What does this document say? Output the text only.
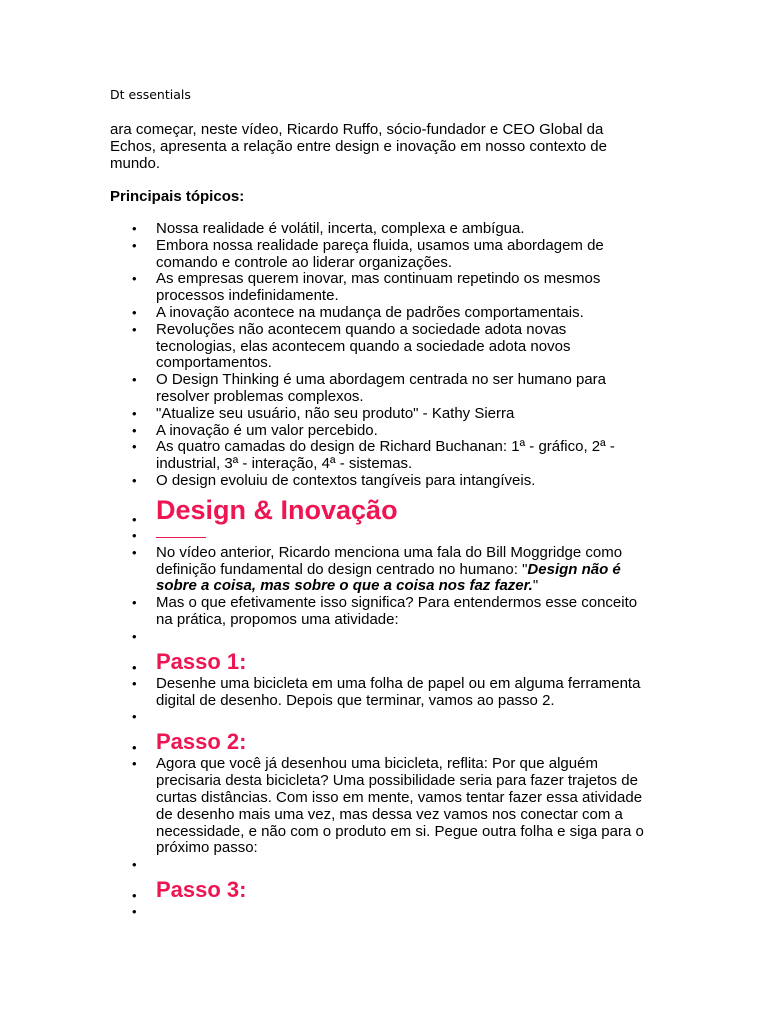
Dt essentials
ara começar, neste vídeo, Ricardo Ruffo, sócio-fundador e CEO Global da Echos, apresenta a relação entre design e inovação em nosso contexto de mundo.
Principais tópicos:
• Nossa realidade é volátil, incerta, complexa e ambígua.
• Embora nossa realidade pareça fluida, usamos uma abordagem de comando e controle ao liderar organizações.
• As empresas querem inovar, mas continuam repetindo os mesmos processos indefinidamente.
• A inovação acontece na mudança de padrões comportamentais.
• Revoluções não acontecem quando a sociedade adota novas tecnologias, elas acontecem quando a sociedade adota novos comportamentos.
• O Design Thinking é uma abordagem centrada no ser humano para resolver problemas complexos.
• "Atualize seu usuário, não seu produto" - Kathy Sierra
• A inovação é um valor percebido.
• As quatro camadas do design de Richard Buchanan: 1ª - gráfico, 2ª - industrial, 3ª - interação, 4ª - sistemas.
• O design evoluiu de contextos tangíveis para intangíveis.
• Design & Inovação
•
• No vídeo anterior, Ricardo menciona uma fala do Bill Moggridge como definição fundamental do design centrado no humano: "Design não é sobre a coisa, mas sobre o que a coisa nos faz fazer."
• Mas o que efetivamente isso significa? Para entendermos esse conceito na prática, propomos uma atividade:
•
• Passo 1:
• Desenhe uma bicicleta em uma folha de papel ou em alguma ferramenta digital de desenho. Depois que terminar, vamos ao passo 2.
•
• Passo 2:
• Agora que você já desenhou uma bicicleta, reflita: Por que alguém precisaria desta bicicleta? Uma possibilidade seria para fazer trajetos de curtas distâncias. Com isso em mente, vamos tentar fazer essa atividade de desenho mais uma vez, mas dessa vez vamos nos conectar com a necessidade, e não com o produto em si. Pegue outra folha e siga para o próximo passo:
•
• Passo 3:
•
